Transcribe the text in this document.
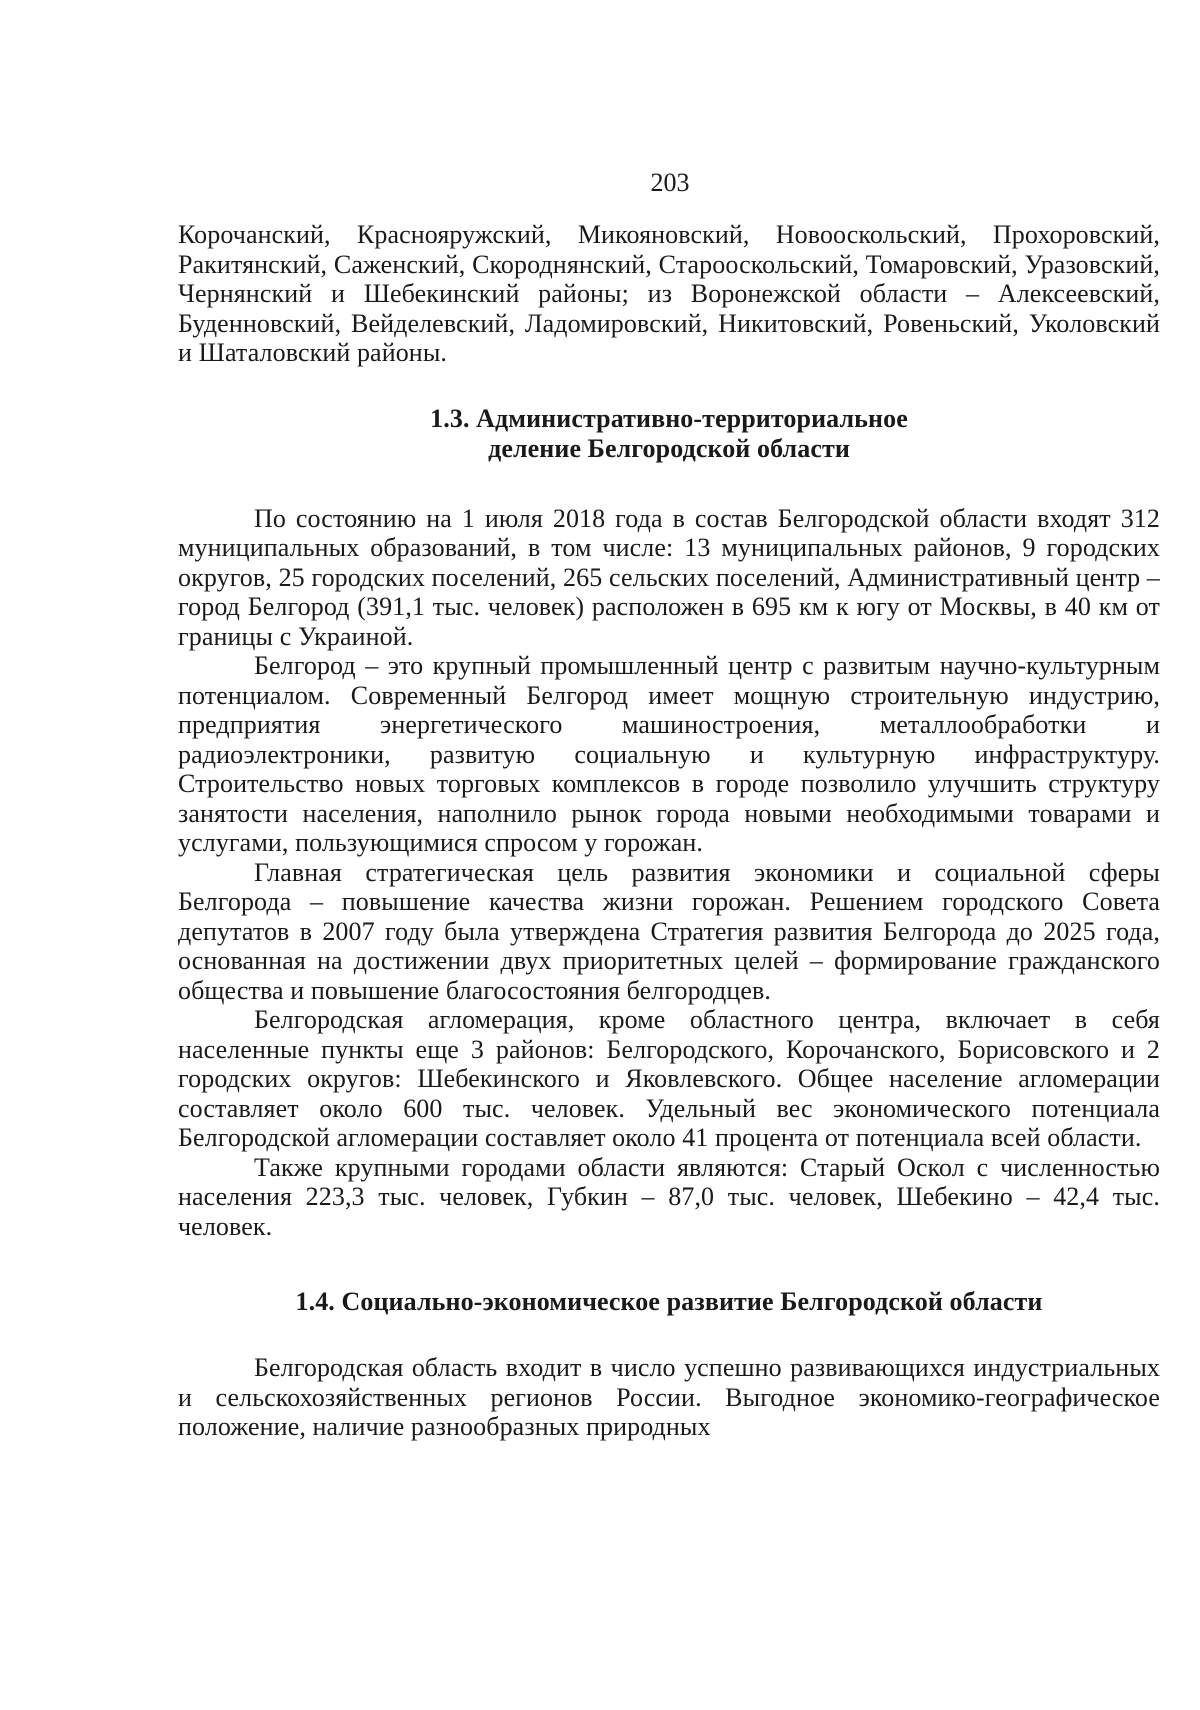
203

Корочанский, Краснояружский, Микояновский, Новооскольский, Прохоровский, Ракитянский, Саженский, Скороднянский, Старооскольский, Томаровский, Уразовский, Чернянский и Шебекинский районы; из Воронежской области – Алексеевский, Буденновский, Вейделевский, Ладомировский, Никитовский, Ровеньский, Уколовский и Шаталовский районы.

1.3. Административно-территориальное
деление Белгородской области

По состоянию на 1 июля 2018 года в состав Белгородской области входят 312 муниципальных образований, в том числе: 13 муниципальных районов, 9 городских округов, 25 городских поселений, 265 сельских поселений, Административный центр – город Белгород (391,1 тыс. человек) расположен в 695 км к югу от Москвы, в 40 км от границы с Украиной.

Белгород – это крупный промышленный центр с развитым научно-культурным потенциалом. Современный Белгород имеет мощную строительную индустрию, предприятия энергетического машиностроения, металлообработки и радиоэлектроники, развитую социальную и культурную инфраструктуру. Строительство новых торговых комплексов в городе позволило улучшить структуру занятости населения, наполнило рынок города новыми необходимыми товарами и услугами, пользующимися спросом у горожан.

Главная стратегическая цель развития экономики и социальной сферы Белгорода – повышение качества жизни горожан. Решением городского Совета депутатов в 2007 году была утверждена Стратегия развития Белгорода до 2025 года, основанная на достижении двух приоритетных целей – формирование гражданского общества и повышение благосостояния белгородцев.

Белгородская агломерация, кроме областного центра, включает в себя населенные пункты еще 3 районов: Белгородского, Корочанского, Борисовского и 2 городских округов: Шебекинского и Яковлевского. Общее население агломерации составляет около 600 тыс. человек. Удельный вес экономического потенциала Белгородской агломерации составляет около 41 процента от потенциала всей области.

Также крупными городами области являются: Старый Оскол с численностью населения 223,3 тыс. человек, Губкин – 87,0 тыс. человек, Шебекино – 42,4 тыс. человек.

1.4. Социально-экономическое развитие Белгородской области

Белгородская область входит в число успешно развивающихся индустриальных и сельскохозяйственных регионов России. Выгодное экономико-географическое положение, наличие разнообразных природных
